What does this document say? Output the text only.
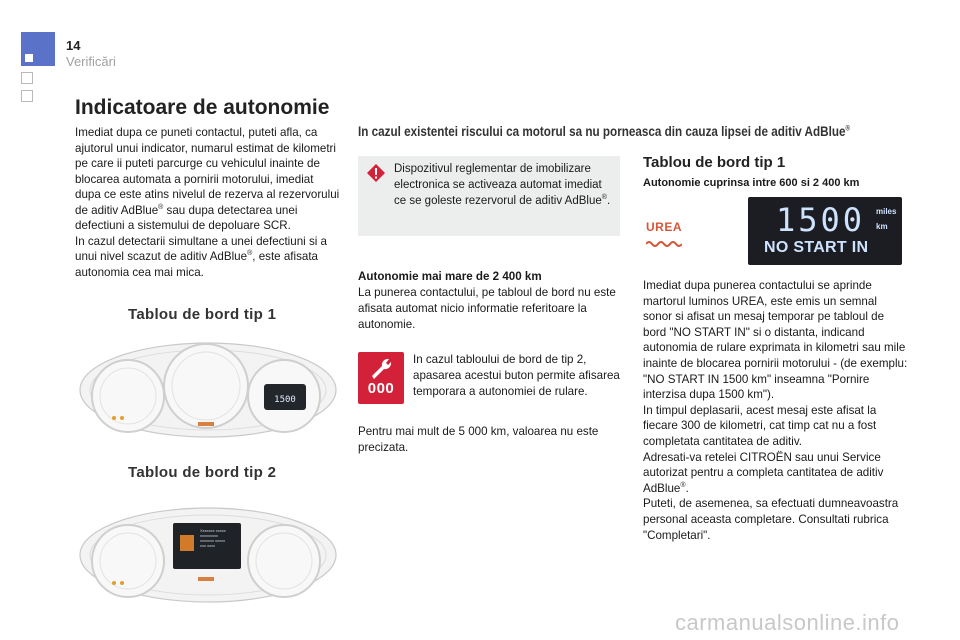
14
Verificări
Indicatoare de autonomie
Imediat dupa ce puneti contactul, puteti afla, ca ajutorul unui indicator, numarul estimat de kilometri pe care ii puteti parcurge cu vehiculul inainte de blocarea automata a pornirii motorului, imediat dupa ce este atins nivelul de rezerva al rezervorului de aditiv AdBlue® sau dupa detectarea unei defectiuni a sistemului de depoluare SCR.
In cazul detectarii simultane a unei defectiuni si a unui nivel scazut de aditiv AdBlue®, este afisata autonomia cea mai mica.
Tablou de bord tip 1
1500
Tablou de bord tip 2
Xxxxxxx xxxxx
xxxxxxxxx
xxxxxxx xxxxx
xxx xxxx
In cazul existentei riscului ca motorul sa nu porneasca din cauza lipsei de aditiv AdBlue®
Dispozitivul reglementar de imobilizare electronica se activeaza automat imediat ce se goleste rezervorul de aditiv AdBlue®.
Autonomie mai mare de 2 400 km
La punerea contactului, pe tabloul de bord nu este afisata automat nicio informatie referitoare la autonomie.
000
In cazul tabloului de bord de tip 2, apasarea acestui buton permite afisarea temporara a autonomiei de rulare.
Pentru mai mult de 5 000 km, valoarea nu este precizata.
Tablou de bord tip 1
Autonomie cuprinsa intre 600 si 2 400 km
UREA	1500 miles
km
NO START IN
Imediat dupa punerea contactului se aprinde martorul luminos UREA, este emis un semnal sonor si afisat un mesaj temporar pe tabloul de bord "NO START IN" si o distanta, indicand autonomia de rulare exprimata in kilometri sau mile inainte de blocarea pornirii motorului - (de exemplu: "NO START IN 1500 km" inseamna "Pornire interzisa dupa 1500 km").
In timpul deplasarii, acest mesaj este afisat la fiecare 300 de kilometri, cat timp cat nu a fost completata cantitatea de aditiv.
Adresati-va retelei CITROËN sau unui Service autorizat pentru a completa cantitatea de aditiv AdBlue®.
Puteti, de asemenea, sa efectuati dumneavoastra personal aceasta completare. Consultati rubrica "Completari".
carmanualsonline.info
